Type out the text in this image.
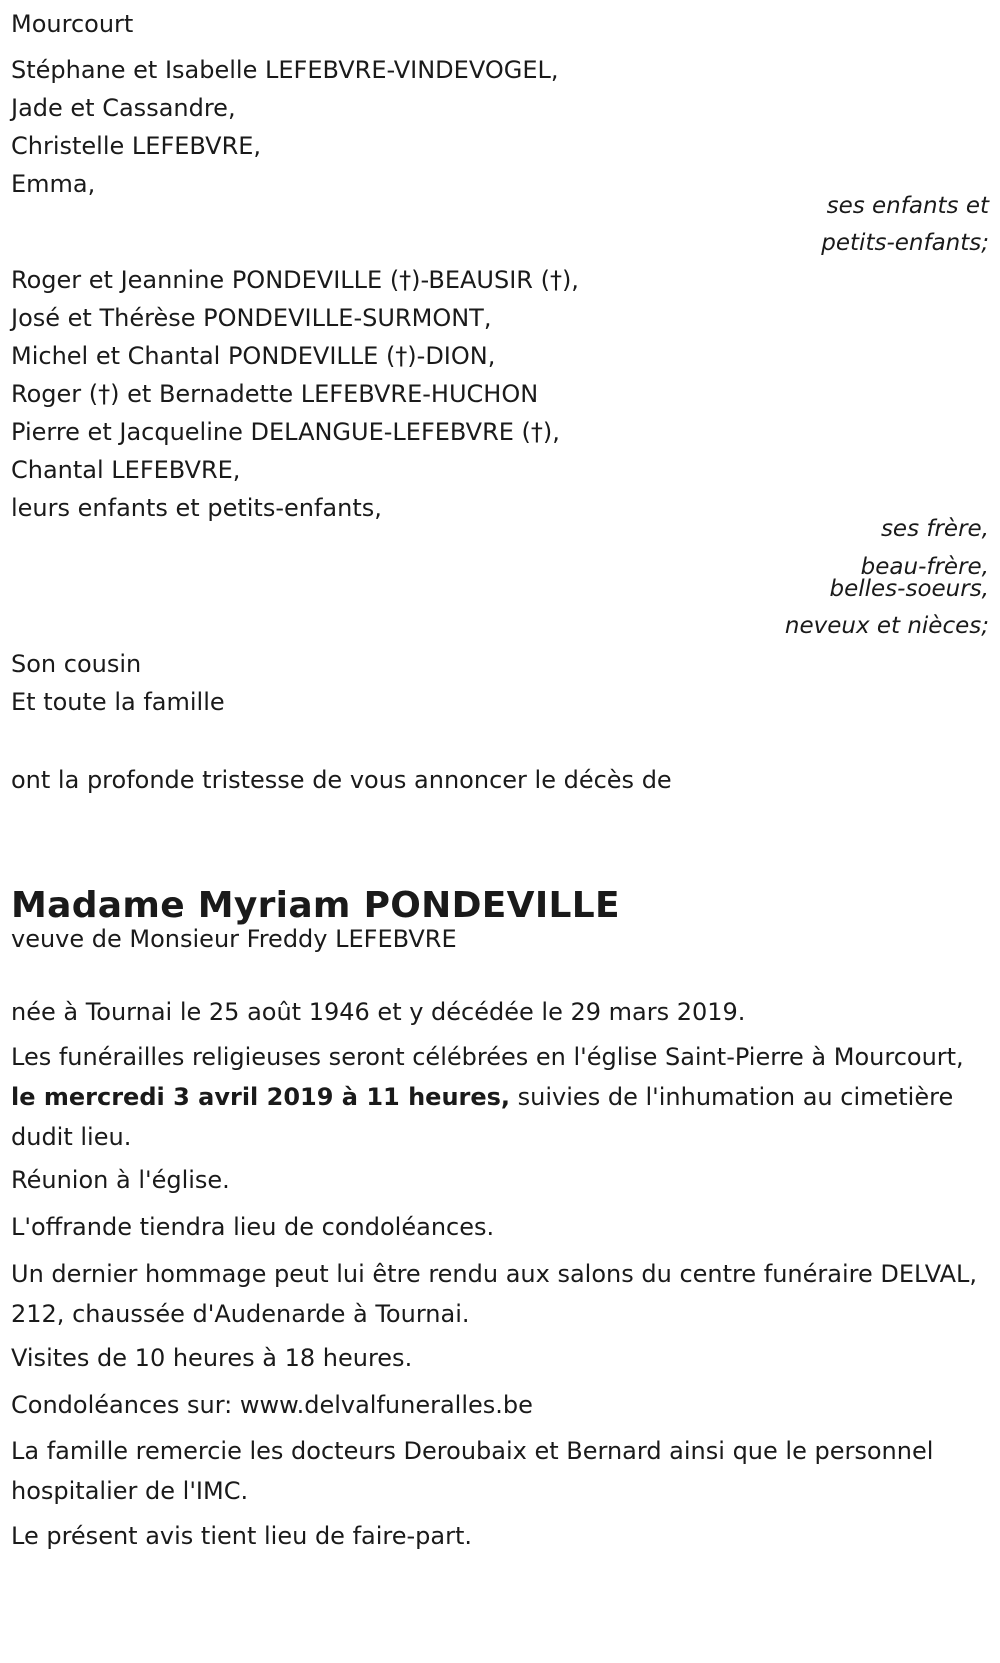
Mourcourt

Stéphane et Isabelle LEFEBVRE-VINDEVOGEL,

Jade et Cassandre,

Christelle LEFEBVRE,

Emma,

ses enfants et

petits-enfants;

Roger et Jeannine PONDEVILLE (†)-BEAUSIR (†),

José et Thérèse PONDEVILLE-SURMONT,

Michel et Chantal PONDEVILLE (†)-DION,

Roger (†) et Bernadette LEFEBVRE-HUCHON

Pierre et Jacqueline DELANGUE-LEFEBVRE (†),

Chantal LEFEBVRE,

leurs enfants et petits-enfants,

ses frère,

beau-frère,

belles-soeurs,

neveux et nièces;

Son cousin

Et toute la famille

ont la profonde tristesse de vous annoncer le décès de

Madame Myriam PONDEVILLE

veuve de Monsieur Freddy LEFEBVRE

née à Tournai le 25 août 1946 et y décédée le 29 mars 2019.

Les funérailles religieuses seront célébrées en l'église Saint-Pierre à Mourcourt, le mercredi 3 avril 2019 à 11 heures, suivies de l'inhumation au cimetière dudit lieu.

Réunion à l'église.

L'offrande tiendra lieu de condoléances.

Un dernier hommage peut lui être rendu aux salons du centre funéraire DELVAL, 212, chaussée d'Audenarde à Tournai.

Visites de 10 heures à 18 heures.

Condoléances sur: www.delvalfuneralles.be

La famille remercie les docteurs Deroubaix et Bernard ainsi que le personnel hospitalier de l'IMC.

Le présent avis tient lieu de faire-part.
